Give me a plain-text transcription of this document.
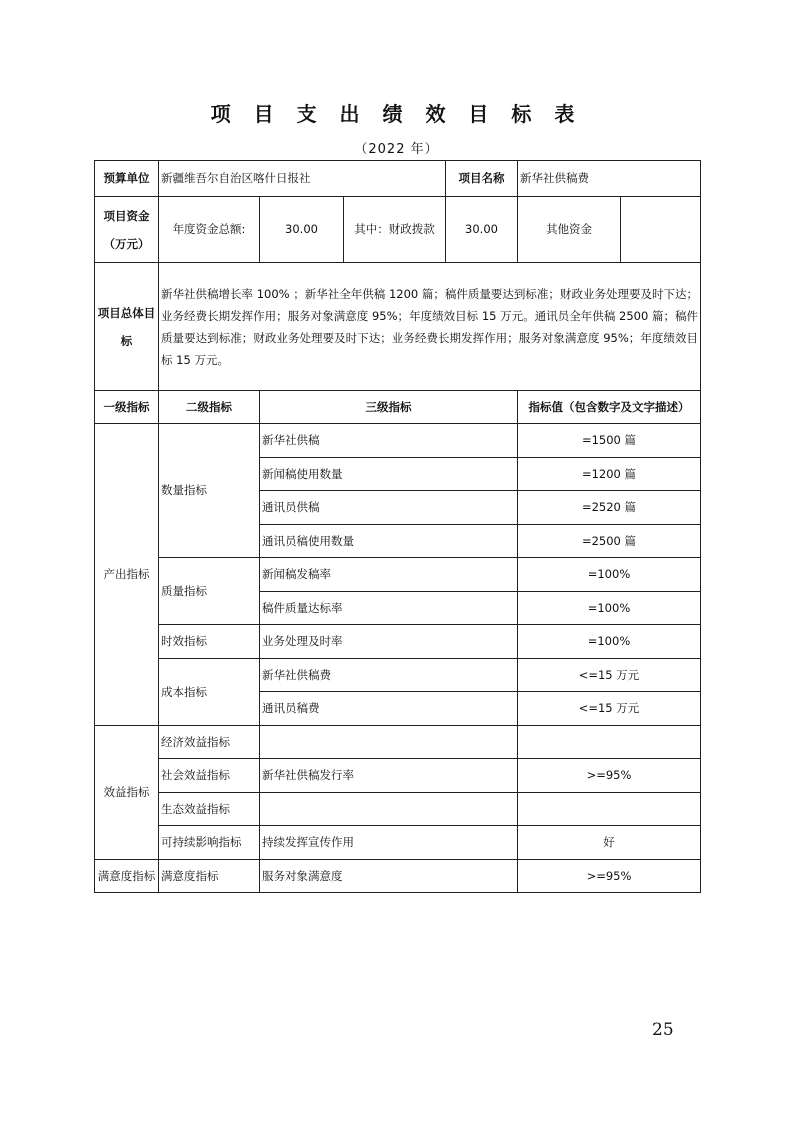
项 目 支 出 绩 效 目 标 表
（2022 年）
预算单位	新疆维吾尔自治区喀什日报社			项目名称	新华社供稿费	
项目资金（万元）	年度资金总额:	30.00	其中：财政拨款	30.00	其他资金	
项目总体目标	新华社供稿增长率 100% ；新华社全年供稿 1200 篇；稿件质量要达到标准；财政业务处理要及时下达；业务经费长期发挥作用；服务对象满意度 95%；年度绩效目标 15 万元。通讯员全年供稿 2500 篇；稿件质量要达到标准；财政业务处理要及时下达；业务经费长期发挥作用；服务对象满意度 95%；年度绩效目标 15 万元。					
一级指标	二级指标	三级指标			指标值（包含数字及文字描述）	
产出指标	数量指标	新华社供稿			=1500 篇	
		新闻稿使用数量			=1200 篇	
		通讯员供稿			=2520 篇	
		通讯员稿使用数量			=2500 篇	
	质量指标	新闻稿发稿率			=100%	
		稿件质量达标率			=100%	
	时效指标	业务处理及时率			=100%	
	成本指标	新华社供稿费			<=15 万元	
		通讯员稿费			<=15 万元	
效益指标	经济效益指标					
	社会效益指标	新华社供稿发行率			>=95%	
	生态效益指标					
	可持续影响指标	持续发挥宣传作用			好	
满意度指标	满意度指标	服务对象满意度			>=95%	
25
